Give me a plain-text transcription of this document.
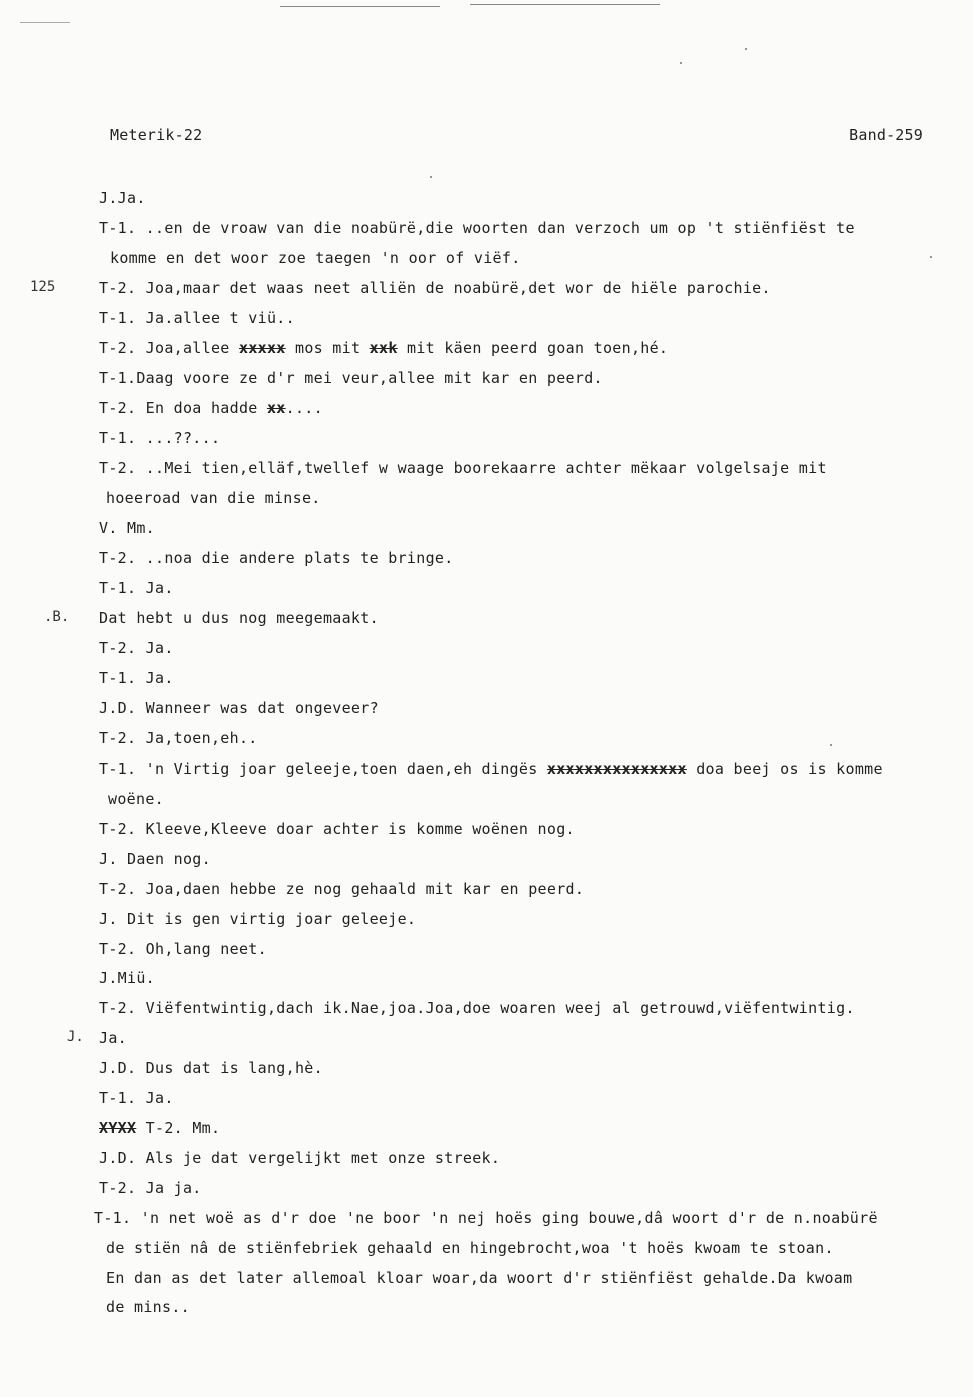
Meterik-22	Band-259
125
.B.
J.
J.Ja.
T-1. ..en de vroaw van die noabürë,die woorten dan verzoch um op 't stiënfiëst te
komme en det woor zoe taegen 'n oor of viëf.
T-2. Joa,maar det waas neet alliën de noabürë,det wor de hiële parochie.
T-1. Ja.allee t viü..
T-2. Joa,allee xxxxx mos mit xxk mit käen peerd goan toen,hé.
T-1.Daag voore ze d'r mei veur,allee mit kar en peerd.
T-2. En doa hadde xx....
T-1. ...??...
T-2. ..Mei tien,elläf,twellef w waage boorekaarre achter mëkaar volgelsaje mit
hoeeroad van die minse.
V. Mm.
T-2. ..noa die andere plats te bringe.
T-1. Ja.
Dat hebt u dus nog meegemaakt.
T-2. Ja.
T-1. Ja.
J.D. Wanneer was dat ongeveer?
T-2. Ja,toen,eh..
T-1. 'n Virtig joar geleeje,toen daen,eh dingës xxxxxxxxxxxxxxx doa beej os is komme
woëne.
T-2. Kleeve,Kleeve doar achter is komme woënen nog.
J. Daen nog.
T-2. Joa,daen hebbe ze nog gehaald mit kar en peerd.
J. Dit is gen virtig joar geleeje.
T-2. Oh,lang neet.
J.Miü.
T-2. Viëfentwintig,dach ik.Nae,joa.Joa,doe woaren weej al getrouwd,viëfentwintig.
Ja.
J.D. Dus dat is lang,hè.
T-1. Ja.
XYXX T-2. Mm.
J.D. Als je dat vergelijkt met onze streek.
T-2. Ja ja.
T-1. 'n net woë as d'r doe 'ne boor 'n nej hoës ging bouwe,dâ woort d'r de n.noabürë
de stiën nâ de stiënfebriek gehaald en hingebrocht,woa 't hoës kwoam te stoan.
En dan as det later allemoal kloar woar,da woort d'r stiënfiëst gehalde.Da kwoam
de mins..
